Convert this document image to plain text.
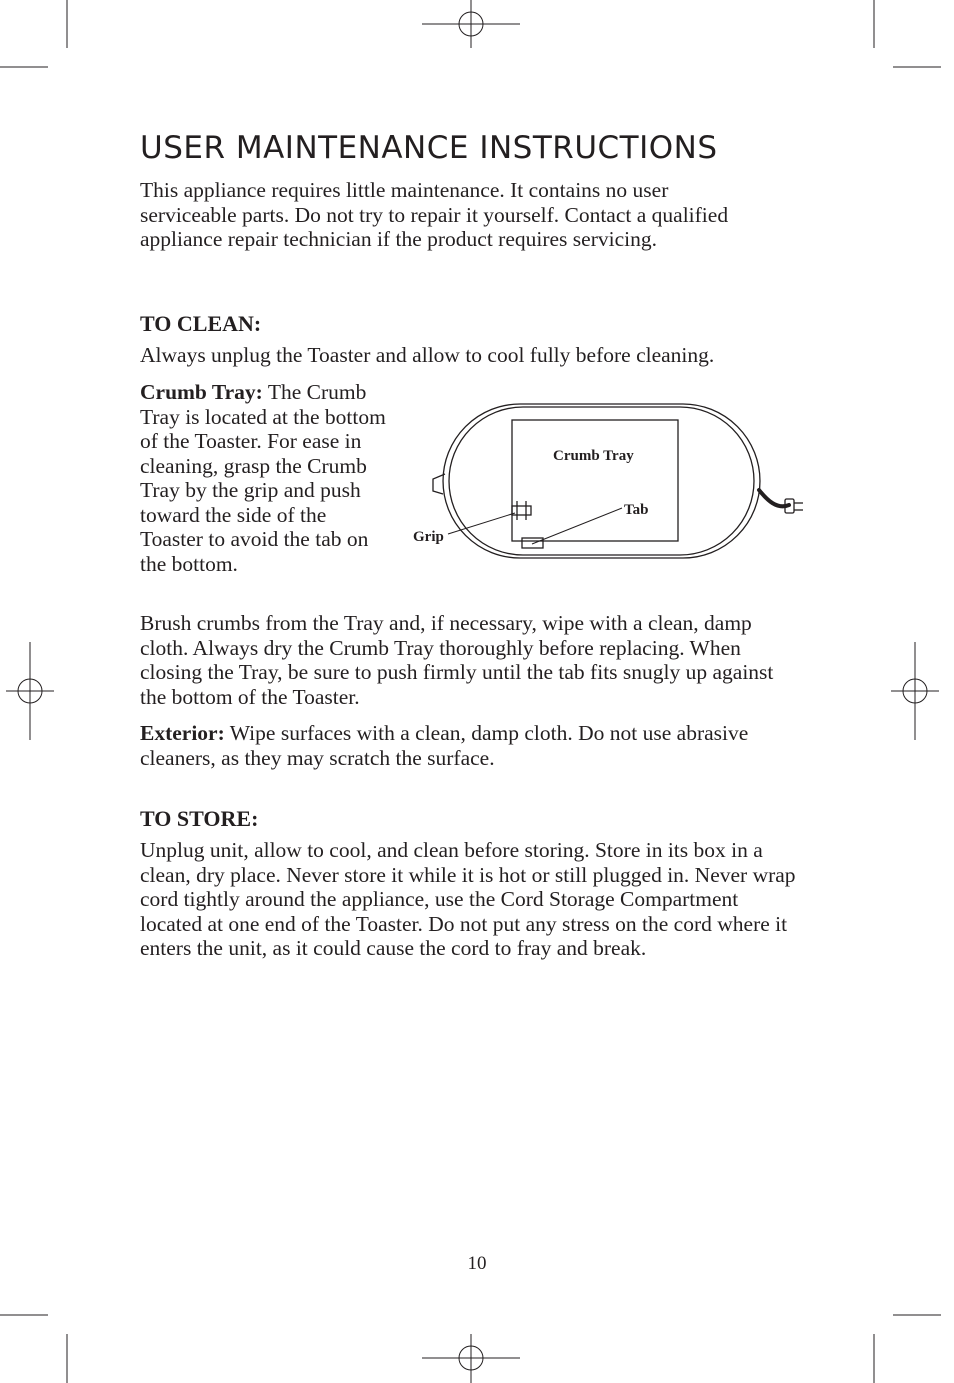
USER MAINTENANCE INSTRUCTIONS

This appliance requires little maintenance. It contains no user serviceable parts. Do not try to repair it yourself. Contact a qualified appliance repair technician if the product requires servicing.

TO CLEAN:

Always unplug the Toaster and allow to cool fully before cleaning.

Crumb Tray: The Crumb Tray is located at the bottom of the Toaster. For ease in cleaning, grasp the Crumb Tray by the grip and push toward the side of the Toaster to avoid the tab on the bottom.

Crumb Tray
Tab
Grip

Brush crumbs from the Tray and, if necessary, wipe with a clean, damp cloth. Always dry the Crumb Tray thoroughly before replacing. When closing the Tray, be sure to push firmly until the tab fits snugly up against the bottom of the Toaster.

Exterior: Wipe surfaces with a clean, damp cloth. Do not use abrasive cleaners, as they may scratch the surface.

TO STORE:

Unplug unit, allow to cool, and clean before storing. Store in its box in a clean, dry place. Never store it while it is hot or still plugged in. Never wrap cord tightly around the appliance, use the Cord Storage Compartment located at one end of the Toaster. Do not put any stress on the cord where it enters the unit, as it could cause the cord to fray and break.

10
